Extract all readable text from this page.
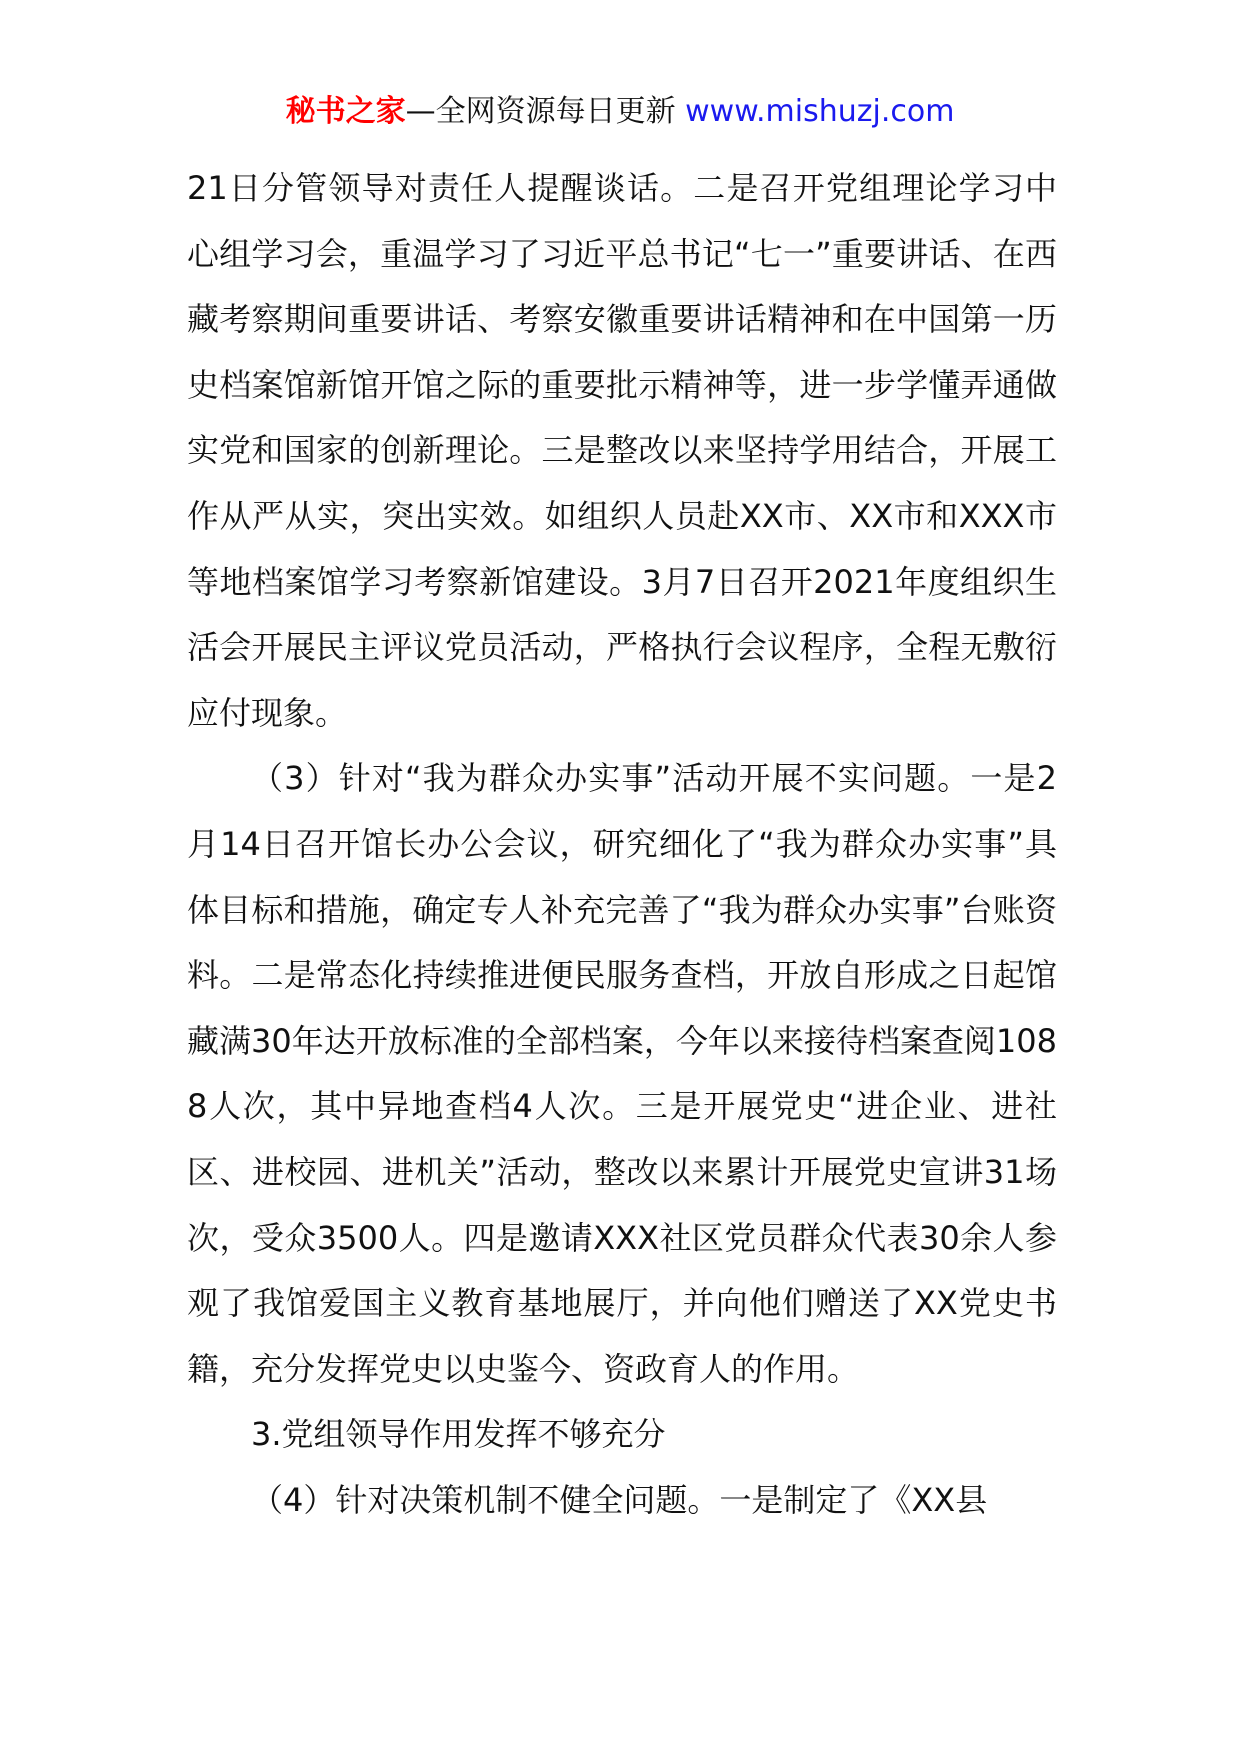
秘书之家—全网资源每日更新 www.mishuzj.com

21日分管领导对责任人提醒谈话。二是召开党组理论学习中心组学习会，重温学习了习近平总书记“七一”重要讲话、在西藏考察期间重要讲话、考察安徽重要讲话精神和在中国第一历史档案馆新馆开馆之际的重要批示精神等，进一步学懂弄通做实党和国家的创新理论。三是整改以来坚持学用结合，开展工作从严从实，突出实效。如组织人员赴XX市、XX市和XXX市等地档案馆学习考察新馆建设。3月7日召开2021年度组织生活会开展民主评议党员活动，严格执行会议程序，全程无敷衍应付现象。

（3）针对“我为群众办实事”活动开展不实问题。一是2月14日召开馆长办公会议，研究细化了“我为群众办实事”具体目标和措施，确定专人补充完善了“我为群众办实事”台账资料。二是常态化持续推进便民服务查档，开放自形成之日起馆藏满30年达开放标准的全部档案，今年以来接待档案查阅1088人次，其中异地查档4人次。三是开展党史“进企业、进社区、进校园、进机关”活动，整改以来累计开展党史宣讲31场次，受众3500人。四是邀请XXX社区党员群众代表30余人参观了我馆爱国主义教育基地展厅，并向他们赠送了XX党史书籍，充分发挥党史以史鉴今、资政育人的作用。

3.党组领导作用发挥不够充分

（4）针对决策机制不健全问题。一是制定了《XX县
